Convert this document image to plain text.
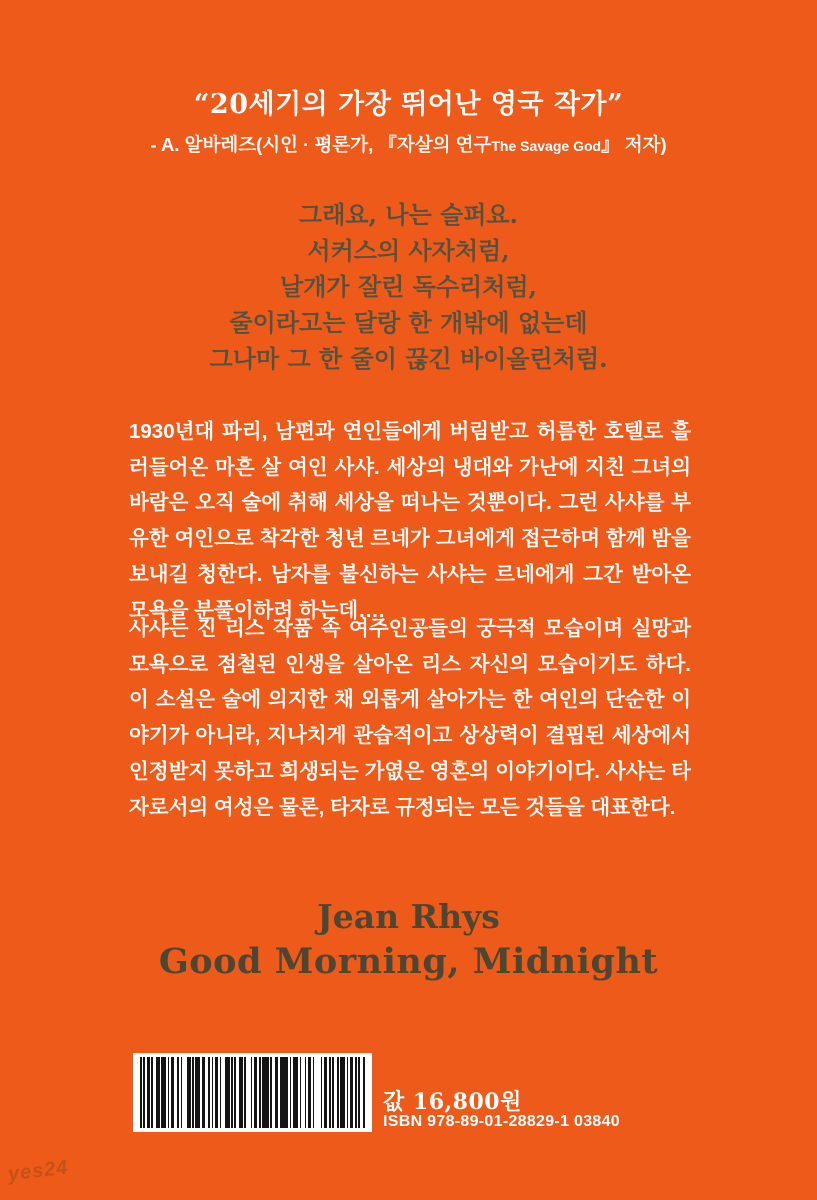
“20세기의 가장 뛰어난 영국 작가”
- A. 알바레즈(시인 · 평론가, 『자살의 연구The Savage God』 저자)
그래요, 나는 슬퍼요.
서커스의 사자처럼,
날개가 잘린 독수리처럼,
줄이라고는 달랑 한 개밖에 없는데
그나마 그 한 줄이 끊긴 바이올린처럼.

1930년대 파리, 남편과 연인들에게 버림받고 허름한 호텔로 흘러들어온 마흔 살 여인 사샤. 세상의 냉대와 가난에 지친 그녀의 바람은 오직 술에 취해 세상을 떠나는 것뿐이다. 그런 사샤를 부유한 여인으로 착각한 청년 르네가 그녀에게 접근하며 함께 밤을 보내길 청한다. 남자를 불신하는 사샤는 르네에게 그간 받아온 모욕을 분풀이하려 하는데….

사샤는 진 리스 작품 속 여주인공들의 궁극적 모습이며 실망과 모욕으로 점철된 인생을 살아온 리스 자신의 모습이기도 하다. 이 소설은 술에 의지한 채 외롭게 살아가는 한 여인의 단순한 이야기가 아니라, 지나치게 관습적이고 상상력이 결핍된 세상에서 인정받지 못하고 희생되는 가엾은 영혼의 이야기이다. 사샤는 타자로서의 여성은 물론, 타자로 규정되는 모든 것들을 대표한다.

Jean Rhys
Good Morning, Midnight
값 16,800원
ISBN 978-89-01-28829-1 03840
yes24
